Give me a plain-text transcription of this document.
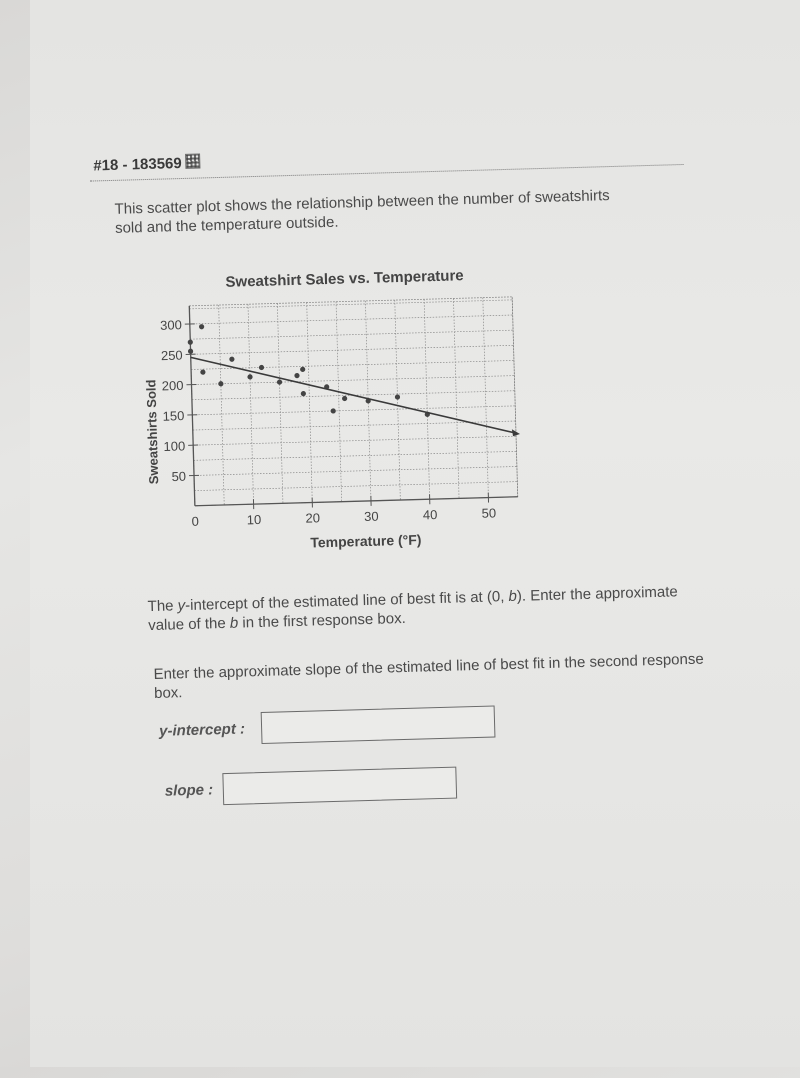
#18 - 183569
This scatter plot shows the relationship between the number of sweatshirts sold and the temperature outside.
Sweatshirt Sales vs. Temperature
50
100
150
200
250
300
0	10	20	30	40	50
Temperature (°F)
Sweatshirts Sold
The y-intercept of the estimated line of best fit is at (0, b). Enter the approximate value of the b in the first response box.
Enter the approximate slope of the estimated line of best fit in the second response box.
y-intercept :
slope :
